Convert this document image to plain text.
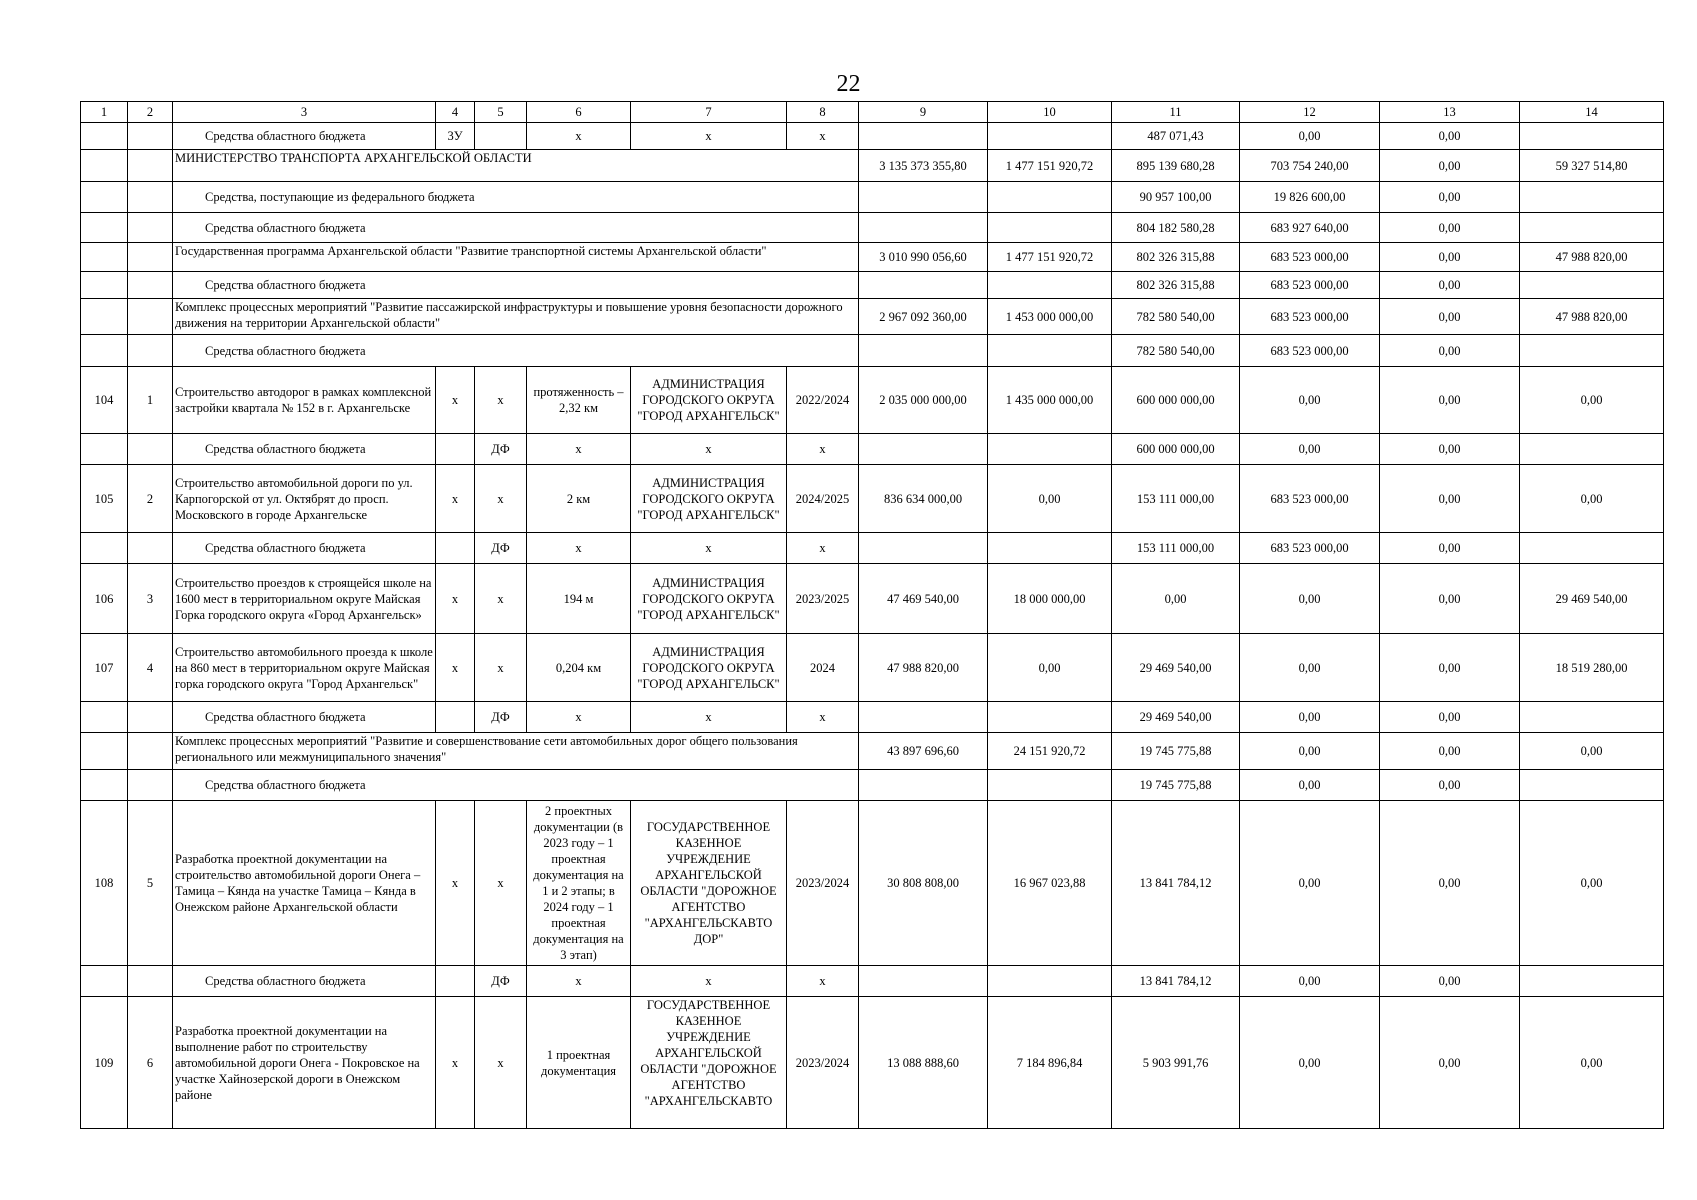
22
1	2	3	4	5	6	7	8	9	10	11	12	13	14
		Средства областного бюджета	3У		x	x	x			487 071,43	0,00	0,00	
		МИНИСТЕРСТВО ТРАНСПОРТА АРХАНГЕЛЬСКОЙ ОБЛАСТИ						3 135 373 355,80	1 477 151 920,72	895 139 680,28	703 754 240,00	0,00	59 327 514,80
		Средства, поступающие из федерального бюджета								90 957 100,00	19 826 600,00	0,00	
		Средства областного бюджета								804 182 580,28	683 927 640,00	0,00	
		Государственная программа Архангельской области "Развитие транспортной системы Архангельской области"						3 010 990 056,60	1 477 151 920,72	802 326 315,88	683 523 000,00	0,00	47 988 820,00
		Средства областного бюджета								802 326 315,88	683 523 000,00	0,00	
		Комплекс процессных мероприятий "Развитие пассажирской инфраструктуры и повышение уровня безопасности дорожного движения на территории Архангельской области"						2 967 092 360,00	1 453 000 000,00	782 580 540,00	683 523 000,00	0,00	47 988 820,00
		Средства областного бюджета								782 580 540,00	683 523 000,00	0,00	
104	1	Строительство автодорог в рамках комплексной застройки квартала № 152 в г. Архангельске	x	x	протяженность – 2,32 км	АДМИНИСТРАЦИЯ ГОРОДСКОГО ОКРУГА "ГОРОД АРХАНГЕЛЬСК"	2022/2024	2 035 000 000,00	1 435 000 000,00	600 000 000,00	0,00	0,00	0,00
		Средства областного бюджета		ДФ	x	x	x			600 000 000,00	0,00	0,00	
105	2	Строительство автомобильной дороги по ул. Карпогорской от ул. Октябрят до просп. Московского в городе Архангельске	x	x	2 км	АДМИНИСТРАЦИЯ ГОРОДСКОГО ОКРУГА "ГОРОД АРХАНГЕЛЬСК"	2024/2025	836 634 000,00	0,00	153 111 000,00	683 523 000,00	0,00	0,00
		Средства областного бюджета		ДФ	x	x	x			153 111 000,00	683 523 000,00	0,00	
106	3	Строительство проездов к строящейся школе на 1600 мест в территориальном округе Майская Горка городского округа «Город Архангельск»	x	x	194 м	АДМИНИСТРАЦИЯ ГОРОДСКОГО ОКРУГА "ГОРОД АРХАНГЕЛЬСК"	2023/2025	47 469 540,00	18 000 000,00	0,00	0,00	0,00	29 469 540,00
107	4	Строительство автомобильного проезда к школе на 860 мест в территориальном округе Майская горка городского округа "Город Архангельск"	x	x	0,204 км	АДМИНИСТРАЦИЯ ГОРОДСКОГО ОКРУГА "ГОРОД АРХАНГЕЛЬСК"	2024	47 988 820,00	0,00	29 469 540,00	0,00	0,00	18 519 280,00
		Средства областного бюджета		ДФ	x	x	x			29 469 540,00	0,00	0,00	
		Комплекс процессных мероприятий "Развитие и совершенствование сети автомобильных дорог общего пользования регионального или межмуниципального значения"						43 897 696,60	24 151 920,72	19 745 775,88	0,00	0,00	0,00
		Средства областного бюджета								19 745 775,88	0,00	0,00	
108	5	Разработка проектной документации на строительство автомобильной дороги Онега – Тамица – Кянда на участке Тамица – Кянда в Онежском районе Архангельской области	x	x	2 проектных документации (в 2023 году – 1 проектная документация на 1 и 2 этапы; в 2024 году – 1 проектная документация на 3 этап)	ГОСУДАРСТВЕННОЕ КАЗЕННОЕ УЧРЕЖДЕНИЕ АРХАНГЕЛЬСКОЙ ОБЛАСТИ "ДОРОЖНОЕ АГЕНТСТВО "АРХАНГЕЛЬСКАВТО ДОР"	2023/2024	30 808 808,00	16 967 023,88	13 841 784,12	0,00	0,00	0,00
		Средства областного бюджета		ДФ	x	x	x			13 841 784,12	0,00	0,00	
109	6	Разработка проектной документации на выполнение работ по строительству автомобильной дороги Онега - Покровское на участке Хайнозерской дороги в Онежском районе	x	x	1 проектная документация	ГОСУДАРСТВЕННОЕ КАЗЕННОЕ УЧРЕЖДЕНИЕ АРХАНГЕЛЬСКОЙ ОБЛАСТИ "ДОРОЖНОЕ АГЕНТСТВО "АРХАНГЕЛЬСКАВТО	2023/2024	13 088 888,60	7 184 896,84	5 903 991,76	0,00	0,00	0,00
